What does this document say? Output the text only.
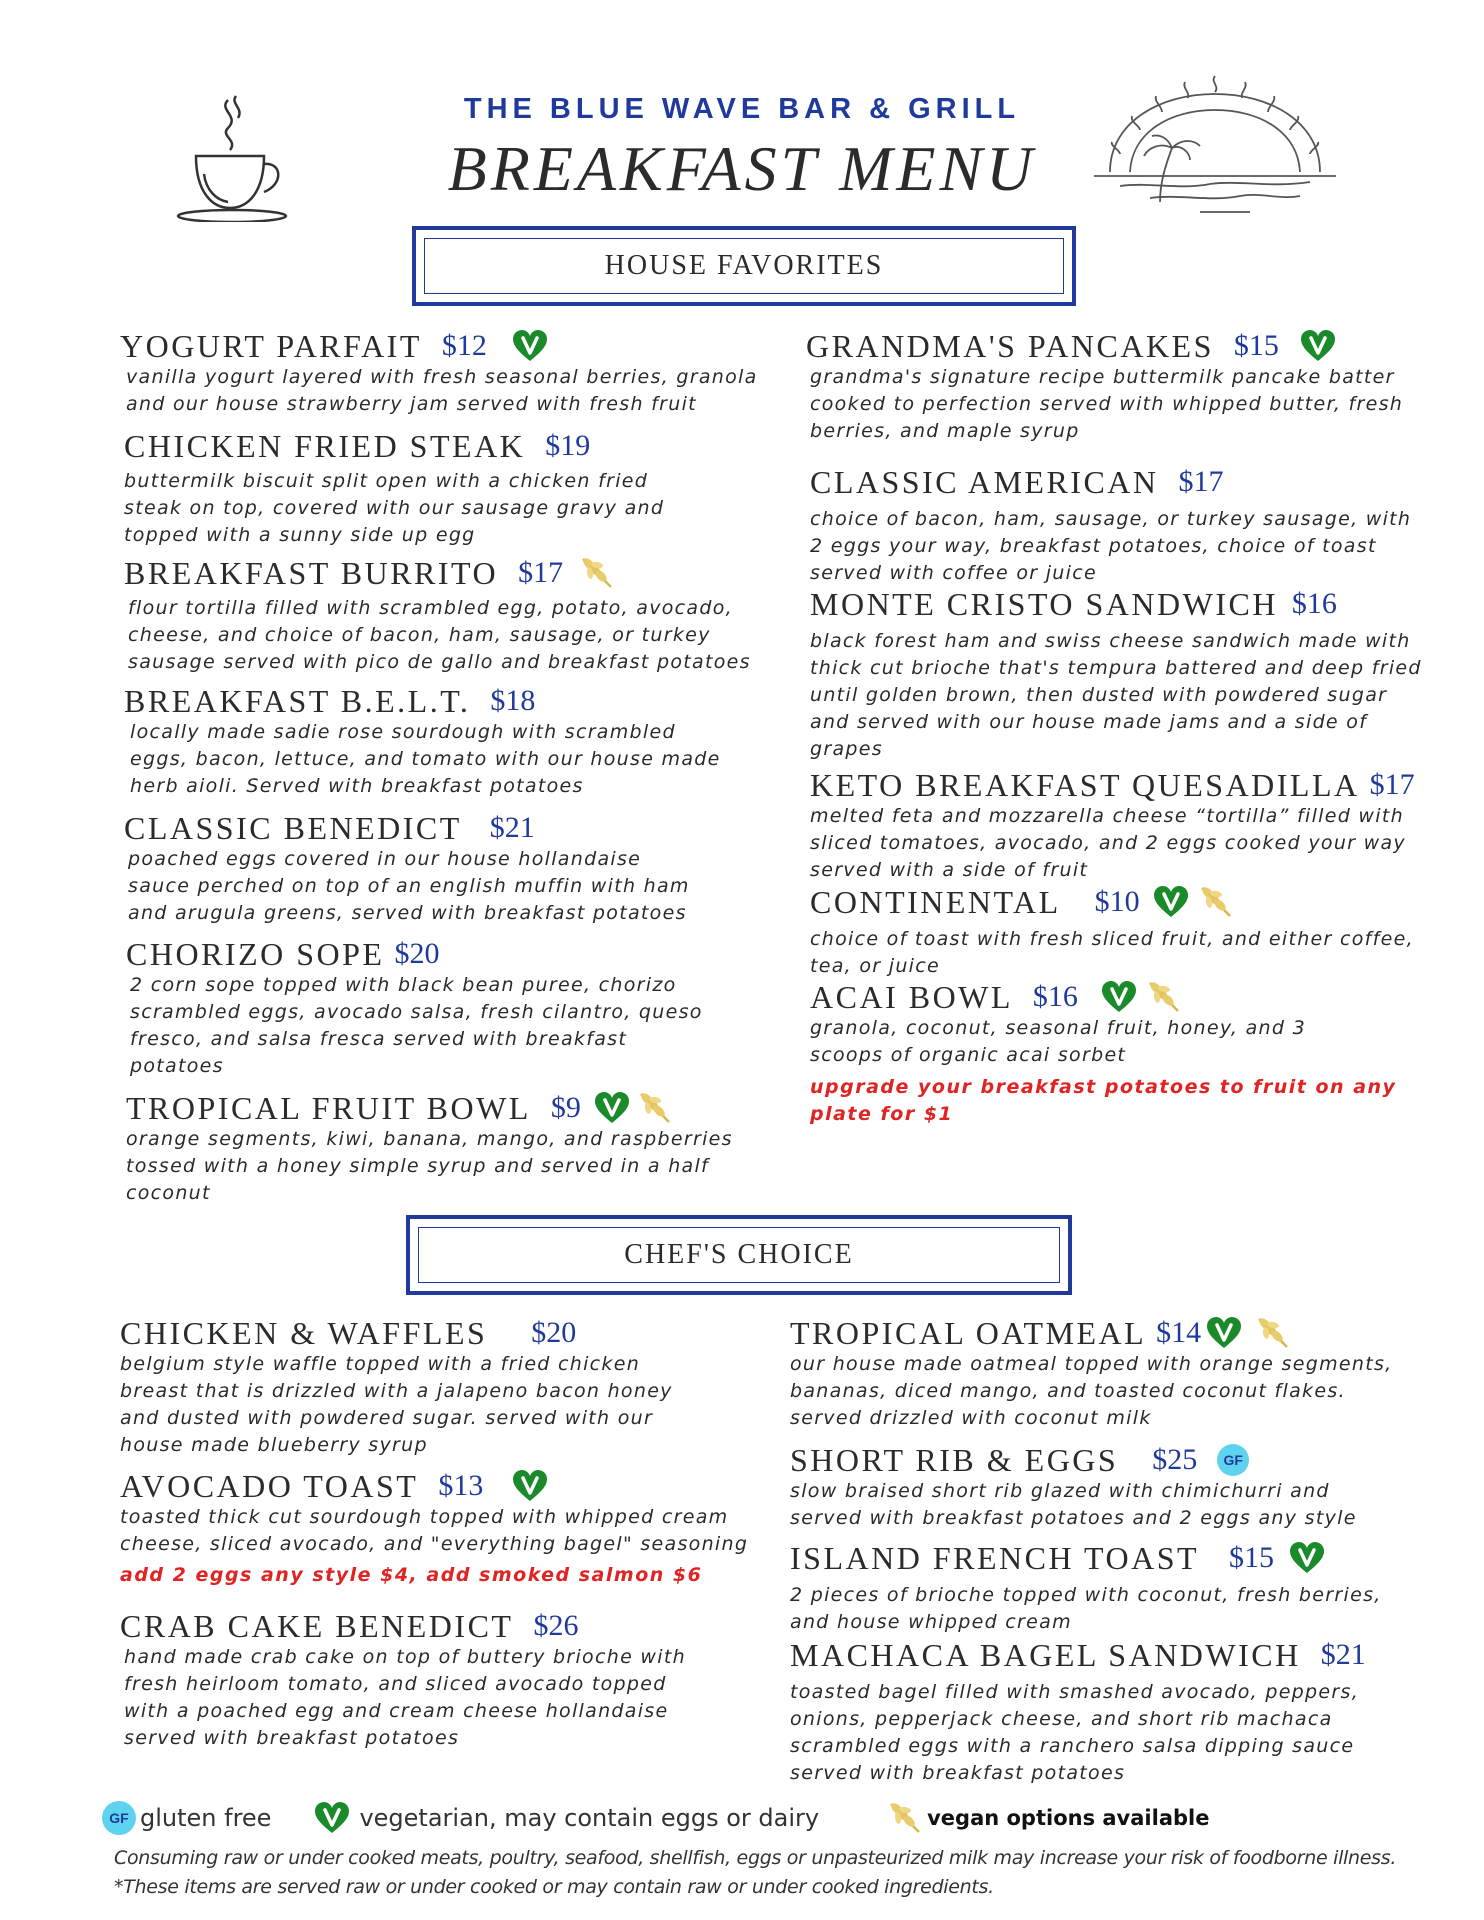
THE BLUE WAVE BAR & GRILL
BREAKFAST MENU
HOUSE FAVORITES
YOGURT PARFAIT $12
vanilla yogurt layered with fresh seasonal berries, granola
and our house strawberry jam served with fresh fruit
CHICKEN FRIED STEAK $19
buttermilk biscuit split open with a chicken fried
steak on top, covered with our sausage gravy and
topped with a sunny side up egg
BREAKFAST BURRITO $17
flour tortilla filled with scrambled egg, potato, avocado,
cheese, and choice of bacon, ham, sausage, or turkey
sausage served with pico de gallo and breakfast potatoes
BREAKFAST B.E.L.T. $18
locally made sadie rose sourdough with scrambled
eggs, bacon, lettuce, and tomato with our house made
herb aioli. Served with breakfast potatoes
CLASSIC BENEDICT $21
poached eggs covered in our house hollandaise
sauce perched on top of an english muffin with ham
and arugula greens, served with breakfast potatoes
CHORIZO SOPE $20
2 corn sope topped with black bean puree, chorizo
scrambled eggs, avocado salsa, fresh cilantro, queso
fresco, and salsa fresca served with breakfast
potatoes
TROPICAL FRUIT BOWL $9
orange segments, kiwi, banana, mango, and raspberries
tossed with a honey simple syrup and served in a half
coconut
GRANDMA'S PANCAKES $15
grandma's signature recipe buttermilk pancake batter
cooked to perfection served with whipped butter, fresh
berries, and maple syrup
CLASSIC AMERICAN $17
choice of bacon, ham, sausage, or turkey sausage, with
2 eggs your way, breakfast potatoes, choice of toast
served with coffee or juice
MONTE CRISTO SANDWICH $16
black forest ham and swiss cheese sandwich made with
thick cut brioche that's tempura battered and deep fried
until golden brown, then dusted with powdered sugar
and served with our house made jams and a side of
grapes
KETO BREAKFAST QUESADILLA $17
melted feta and mozzarella cheese “tortilla” filled with
sliced tomatoes, avocado, and 2 eggs cooked your way
served with a side of fruit
CONTINENTAL $10
choice of toast with fresh sliced fruit, and either coffee,
tea, or juice
ACAI BOWL $16
granola, coconut, seasonal fruit, honey, and 3
scoops of organic acai sorbet
upgrade your breakfast potatoes to fruit on any
plate for $1
CHEF'S CHOICE
CHICKEN & WAFFLES $20
belgium style waffle topped with a fried chicken
breast that is drizzled with a jalapeno bacon honey
and dusted with powdered sugar. served with our
house made blueberry syrup
AVOCADO TOAST $13
toasted thick cut sourdough topped with whipped cream
cheese, sliced avocado, and "everything bagel" seasoning
add 2 eggs any style $4, add smoked salmon $6
CRAB CAKE BENEDICT $26
hand made crab cake on top of buttery brioche with
fresh heirloom tomato, and sliced avocado topped
with a poached egg and cream cheese hollandaise
served with breakfast potatoes
TROPICAL OATMEAL $14
our house made oatmeal topped with orange segments,
bananas, diced mango, and toasted coconut flakes.
served drizzled with coconut milk
SHORT RIB & EGGS $25	GF
slow braised short rib glazed with chimichurri and
served with breakfast potatoes and 2 eggs any style
ISLAND FRENCH TOAST $15
2 pieces of brioche topped with coconut, fresh berries,
and house whipped cream
MACHACA BAGEL SANDWICH $21
toasted bagel filled with smashed avocado, peppers,
onions, pepperjack cheese, and short rib machaca
scrambled eggs with a ranchero salsa dipping sauce
served with breakfast potatoes
GF gluten free	vegetarian, may contain eggs or dairy	vegan options available
Consuming raw or under cooked meats, poultry, seafood, shellfish, eggs or unpasteurized milk may increase your risk of foodborne illness.
*These items are served raw or under cooked or may contain raw or under cooked ingredients.
